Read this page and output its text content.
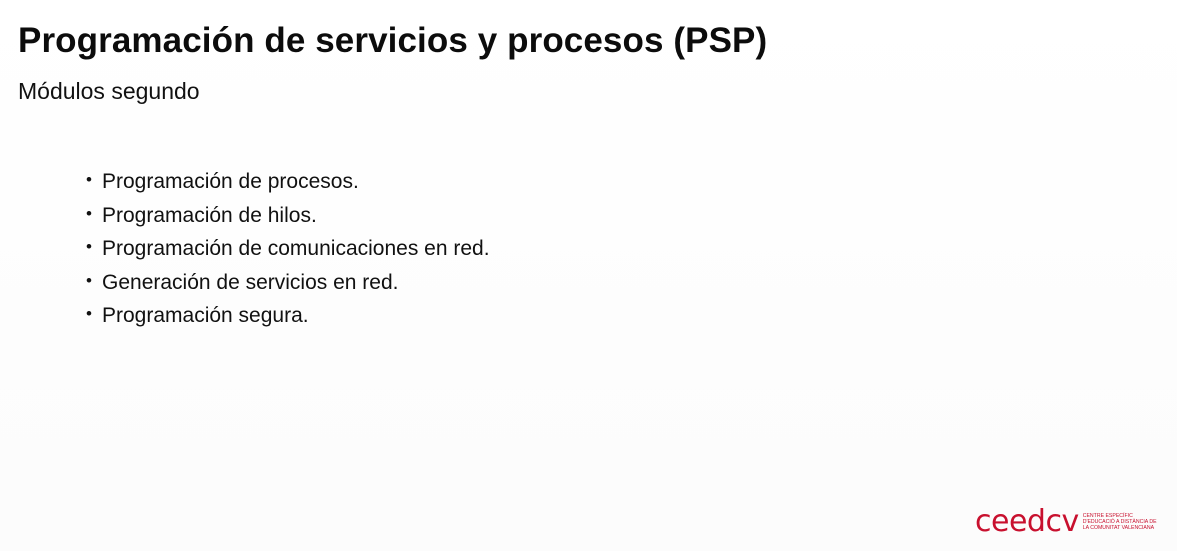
Programación de servicios y procesos (PSP)
Módulos segundo
• Programación de procesos.
• Programación de hilos.
• Programación de comunicaciones en red.
• Generación de servicios en red.
• Programación segura.
ceedcv CENTRE ESPECÍFIC
D'EDUCACIÓ A DISTÀNCIA DE
LA COMUNITAT VALENCIANA
